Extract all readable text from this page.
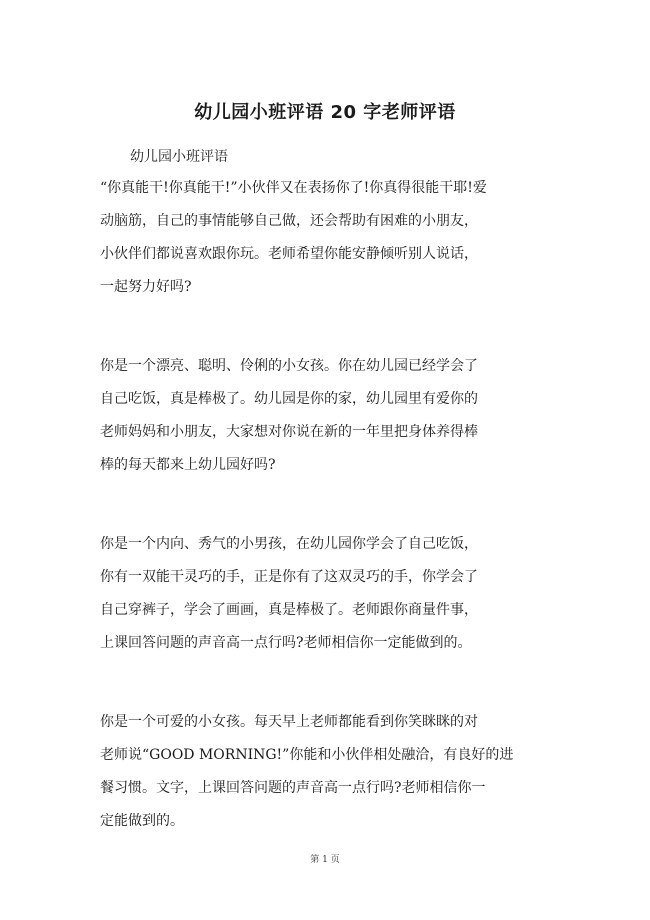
幼儿园小班评语 20 字老师评语
幼儿园小班评语

“你真能干!你真能干!”小伙伴又在表扬你了!你真得很能干耶!爱
动脑筋，自己的事情能够自己做，还会帮助有困难的小朋友，
小伙伴们都说喜欢跟你玩。老师希望你能安静倾听别人说话，
一起努力好吗?

你是一个漂亮、聪明、伶俐的小女孩。你在幼儿园已经学会了
自己吃饭，真是棒极了。幼儿园是你的家，幼儿园里有爱你的
老师妈妈和小朋友，大家想对你说在新的一年里把身体养得棒
棒的每天都来上幼儿园好吗?

你是一个内向、秀气的小男孩，在幼儿园你学会了自己吃饭，
你有一双能干灵巧的手，正是你有了这双灵巧的手，你学会了
自己穿裤子，学会了画画，真是棒极了。老师跟你商量件事，
上课回答问题的声音高一点行吗?老师相信你一定能做到的。

你是一个可爱的小女孩。每天早上老师都能看到你笑眯眯的对
老师说“GOOD MORNING!”你能和小伙伴相处融洽，有良好的进
餐习惯。文字，上课回答问题的声音高一点行吗?老师相信你一
定能做到的。

第 1 页
